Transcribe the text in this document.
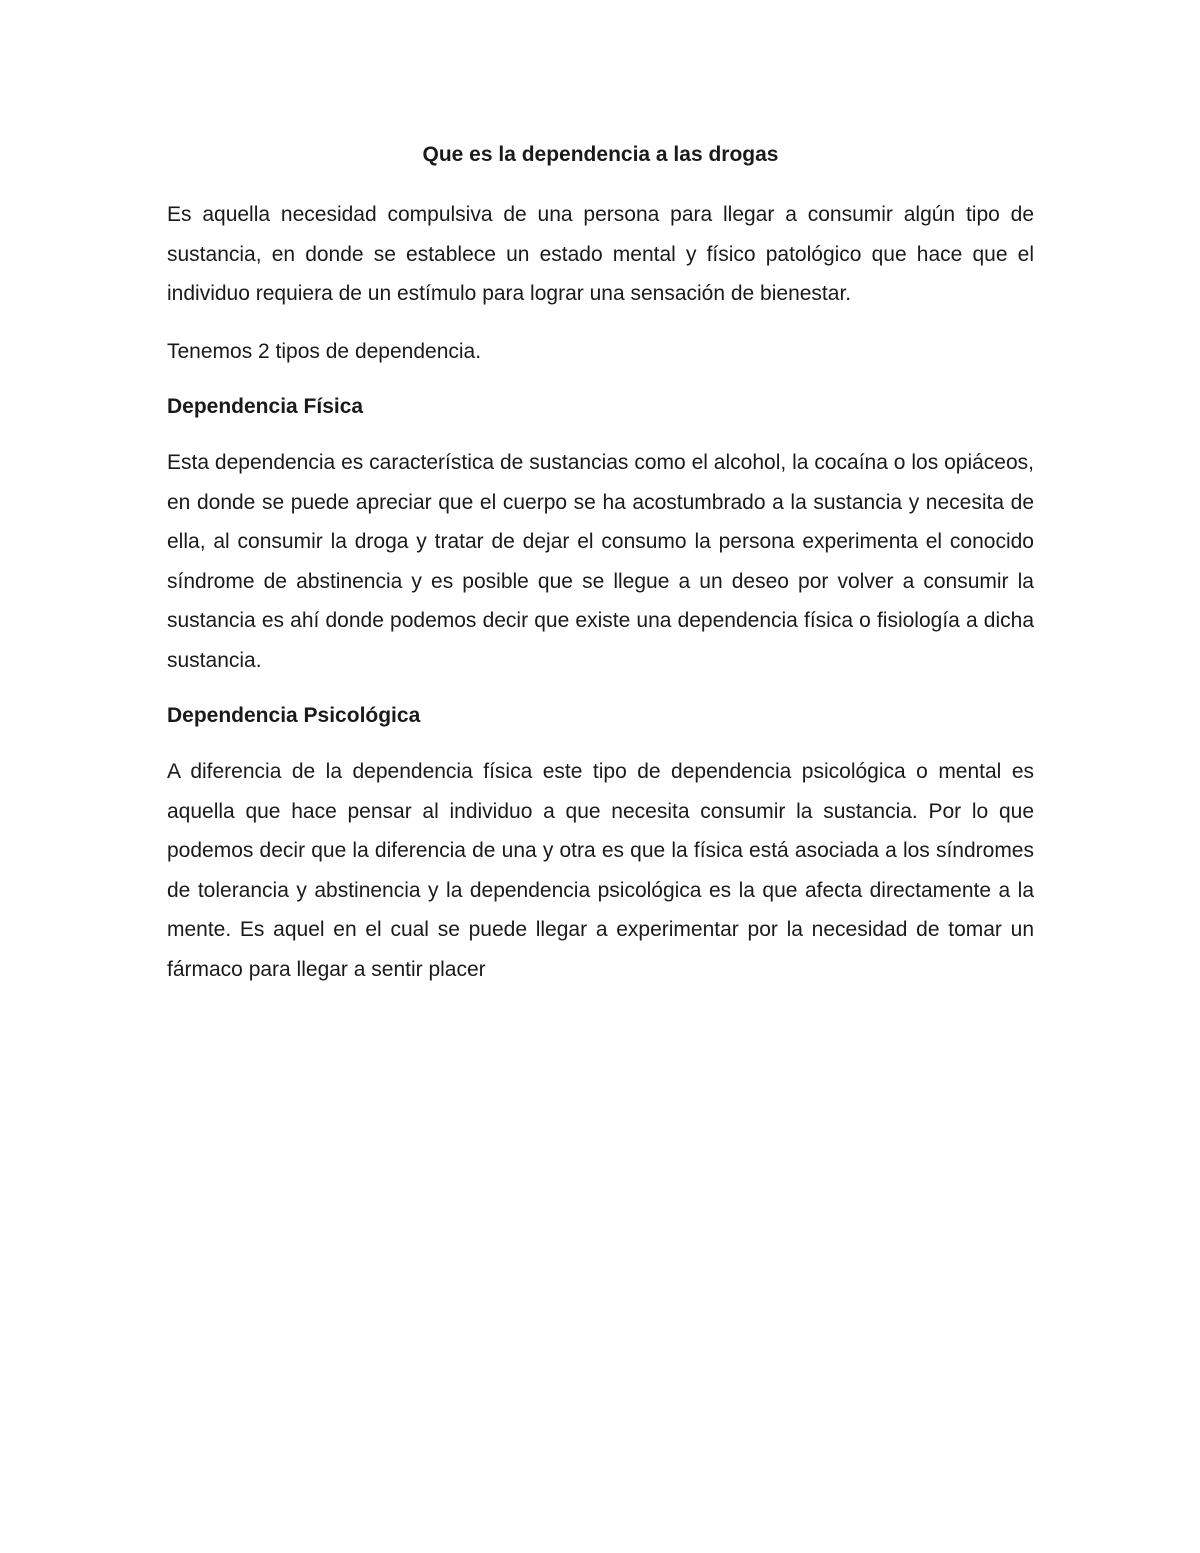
Que es la dependencia a las drogas

Es aquella necesidad compulsiva de una persona para llegar a consumir algún tipo de sustancia, en donde se establece un estado mental y físico patológico que hace que el individuo requiera de un estímulo para lograr una sensación de bienestar.

Tenemos 2 tipos de dependencia.

Dependencia Física

Esta dependencia es característica de sustancias como el alcohol, la cocaína o los opiáceos, en donde se puede apreciar que el cuerpo se ha acostumbrado a la sustancia y necesita de ella, al consumir la droga y tratar de dejar el consumo la persona experimenta el conocido síndrome de abstinencia y es posible que se llegue a un deseo por volver a consumir la sustancia es ahí donde podemos decir que existe una dependencia física o fisiología a dicha sustancia.

Dependencia Psicológica

A diferencia de la dependencia física este tipo de dependencia psicológica o mental es aquella que hace pensar al individuo a que necesita consumir la sustancia. Por lo que podemos decir que la diferencia de una y otra es que la física está asociada a los síndromes de tolerancia y abstinencia y la dependencia psicológica es la que afecta directamente a la mente. Es aquel en el cual se puede llegar a experimentar por la necesidad de tomar un fármaco para llegar a sentir placer
